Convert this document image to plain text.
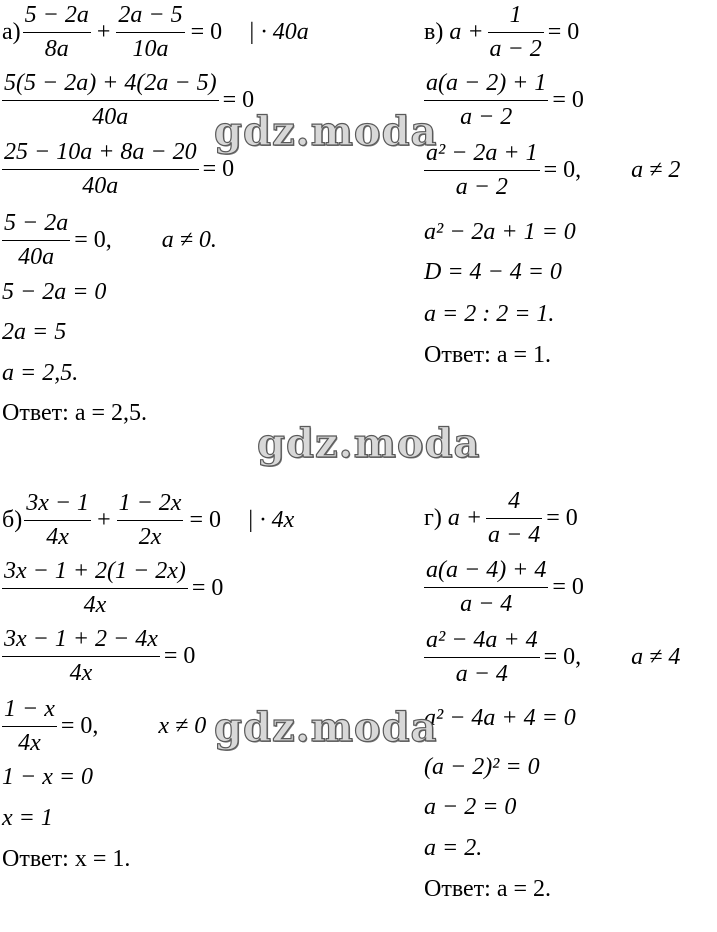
$а) \frac{5 - 2a}{8a} + \frac{2a - 5}{10a} = 0$ | · 40a
$\frac{5(5 - 2a) + 4(2a - 5)}{40a} = 0$
$\frac{25 - 10a + 8a - 20}{40a} = 0$
$\frac{5 - 2a}{40a} = 0$, a ≠ 0.
5 − 2a = 0
2a = 5
a = 2,5.
Ответ: a = 2,5.
в) $a + \frac{1}{a - 2} = 0$
$\frac{a(a - 2) + 1}{a - 2} = 0$
$\frac{\text{a² − 2a + 1}}{a - 2} = 0$, a ≠ 2
a² − 2a + 1 = 0
D = 4 − 4 = 0
a = 2 : 2 = 1.
Ответ: a = 1.
$б) \frac{3x - 1}{4x} + \frac{1 - 2x}{2x} = 0$ | · 4x
$\frac{3x - 1 + 2(1 - 2x)}{4x} = 0$
$\frac{3x - 1 + 2 - 4x}{4x} = 0$
$\frac{1 - x}{4x} = 0$,	x ≠ 0
1 − x = 0
x = 1
Ответ: x = 1.
г) $a + \frac{4}{a - 4} = 0$
$\frac{a(a - 4) + 4}{a - 4} = 0$
$\frac{\text{a² − 4a + 4}}{a - 4} = 0$, a ≠ 4
a² − 4a + 4 = 0
(a − 2)² = 0
a − 2 = 0
a = 2.
Ответ: a = 2.
gdz.moda
gdz.moda
gdz.moda
